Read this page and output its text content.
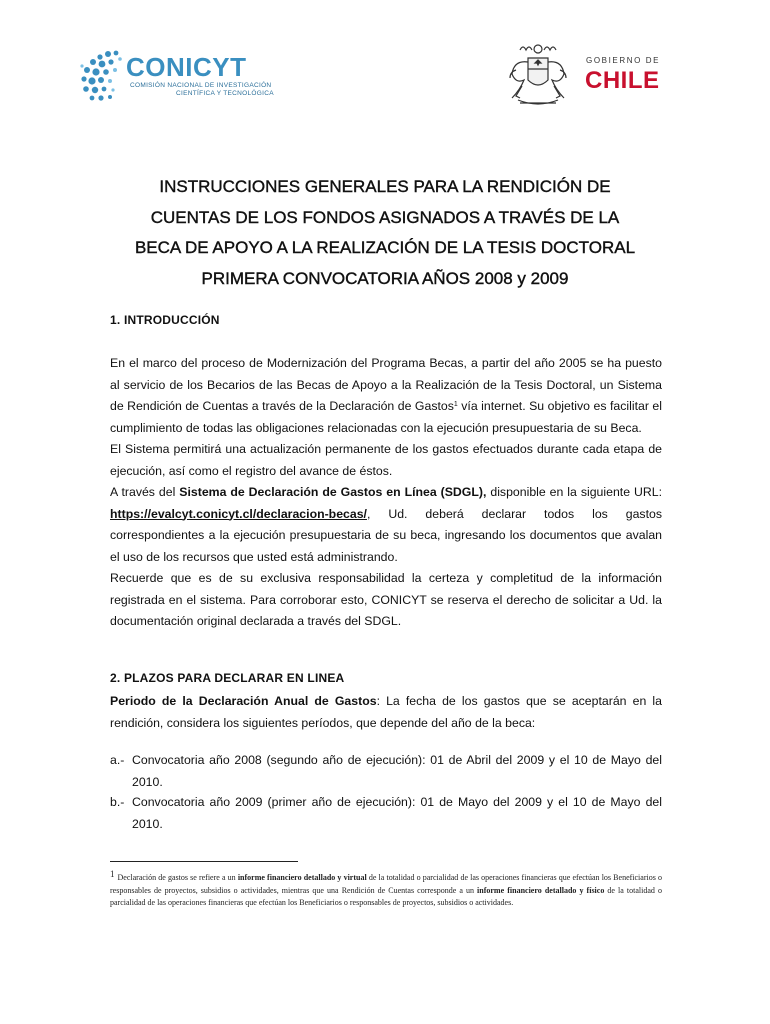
CONICYT
COMISIÓN NACIONAL DE INVESTIGACIÓN
CIENTÍFICA Y TECNOLÓGICA
GOBIERNO DE
CHILE
INSTRUCCIONES GENERALES PARA LA RENDICIÓN DE
CUENTAS DE LOS FONDOS ASIGNADOS A TRAVÉS DE LA
BECA DE APOYO A LA REALIZACIÓN DE LA TESIS DOCTORAL
PRIMERA CONVOCATORIA AÑOS 2008 y 2009
1. INTRODUCCIÓN

En el marco del proceso de Modernización del Programa Becas, a partir del año 2005 se ha puesto al servicio de los Becarios de las Becas de Apoyo a la Realización de la Tesis Doctoral, un Sistema de Rendición de Cuentas a través de la Declaración de Gastos$^1$ vía internet. Su objetivo es facilitar el cumplimiento de todas las obligaciones relacionadas con la ejecución presupuestaria de su Beca.

El Sistema permitirá una actualización permanente de los gastos efectuados durante cada etapa de ejecución, así como el registro del avance de éstos.

A través del Sistema de Declaración de Gastos en Línea (SDGL), disponible en la siguiente URL: https://evalcyt.conicyt.cl/declaracion-becas/, Ud. deberá declarar todos los gastos correspondientes a la ejecución presupuestaria de su beca, ingresando los documentos que avalan el uso de los recursos que usted está administrando.

Recuerde que es de su exclusiva responsabilidad la certeza y completitud de la información registrada en el sistema. Para corroborar esto, CONICYT se reserva el derecho de solicitar a Ud. la documentación original declarada a través del SDGL.

2. PLAZOS PARA DECLARAR EN LINEA

Periodo de la Declaración Anual de Gastos: La fecha de los gastos que se aceptarán en la rendición, considera los siguientes períodos, que depende del año de la beca:

a.- Convocatoria año 2008 (segundo año de ejecución): 01 de Abril del 2009 y el 10 de Mayo del 2010.
b.- Convocatoria año 2009 (primer año de ejecución): 01 de Mayo del 2009 y el 10 de Mayo del 2010.
$^1$ Declaración de gastos se refiere a un informe financiero detallado y virtual de la totalidad o parcialidad de las operaciones financieras que efectúan los Beneficiarios o responsables de proyectos, subsidios o actividades, mientras que una Rendición de Cuentas corresponde a un informe financiero detallado y físico de la totalidad o parcialidad de las operaciones financieras que efectúan los Beneficiarios o responsables de proyectos, subsidios o actividades.
